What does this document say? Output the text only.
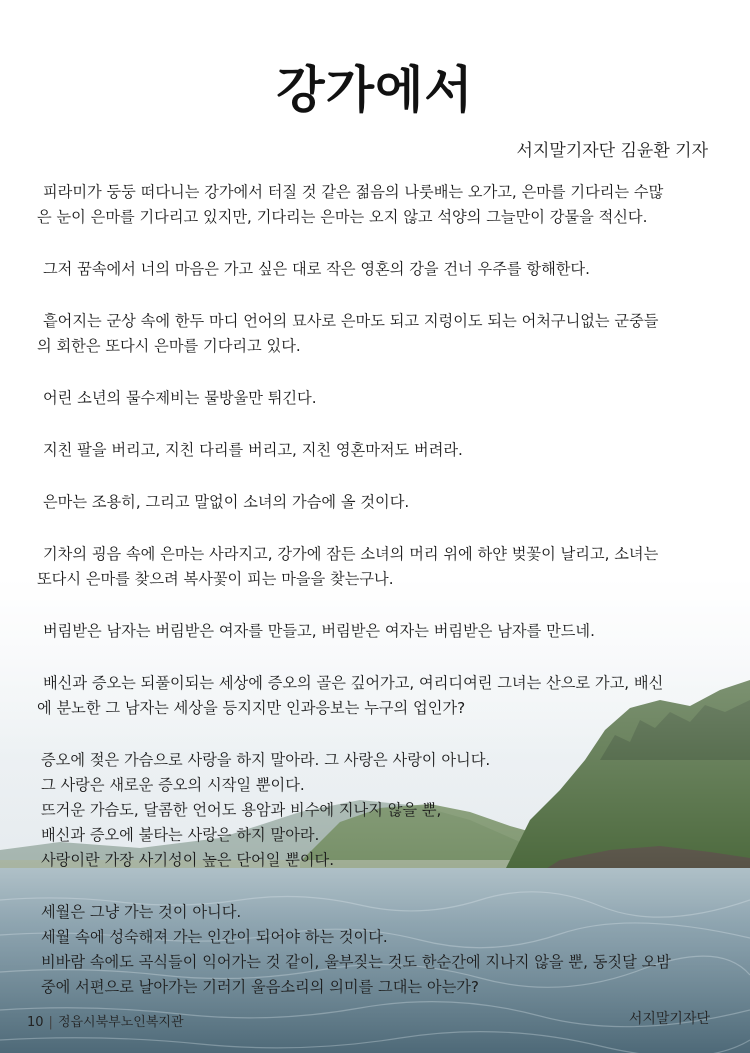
강가에서
서지말기자단 김윤환 기자

피라미가 둥둥 떠다니는 강가에서 터질 것 같은 젊음의 나룻배는 오가고, 은마를 기다리는 수많

은 눈이 은마를 기다리고 있지만, 기다리는 은마는 오지 않고 석양의 그늘만이 강물을 적신다.

그저 꿈속에서 너의 마음은 가고 싶은 대로 작은 영혼의 강을 건너 우주를 항해한다.

흩어지는 군상 속에 한두 마디 언어의 묘사로 은마도 되고 지렁이도 되는 어처구니없는 군중들

의 회한은 또다시 은마를 기다리고 있다.

어린 소년의 물수제비는 물방울만 튀긴다.

지친 팔을 버리고, 지친 다리를 버리고, 지친 영혼마저도 버려라.

은마는 조용히, 그리고 말없이 소녀의 가슴에 올 것이다.

기차의 굉음 속에 은마는 사라지고, 강가에 잠든 소녀의 머리 위에 하얀 벚꽃이 날리고, 소녀는

또다시 은마를 찾으려 복사꽃이 피는 마을을 찾는구나.

버림받은 남자는 버림받은 여자를 만들고, 버림받은 여자는 버림받은 남자를 만드네.

배신과 증오는 되풀이되는 세상에 증오의 골은 깊어가고, 여리디여린 그녀는 산으로 가고, 배신

에 분노한 그 남자는 세상을 등지지만 인과응보는 누구의 업인가?

증오에 젖은 가슴으로 사랑을 하지 말아라. 그 사랑은 사랑이 아니다.

그 사랑은 새로운 증오의 시작일 뿐이다.

뜨거운 가슴도, 달콤한 언어도 용암과 비수에 지나지 않을 뿐,

배신과 증오에 불타는 사랑은 하지 말아라.

사랑이란 가장 사기성이 높은 단어일 뿐이다.

세월은 그냥 가는 것이 아니다.

세월 속에 성숙해져 가는 인간이 되어야 하는 것이다.

비바람 속에도 곡식들이 익어가는 것 같이, 울부짖는 것도 한순간에 지나지 않을 뿐, 동짓달 오밤

중에 서편으로 날아가는 기러기 울음소리의 의미를 그대는 아는가?

10 | 정읍시북부노인복지관	서지말기자단
